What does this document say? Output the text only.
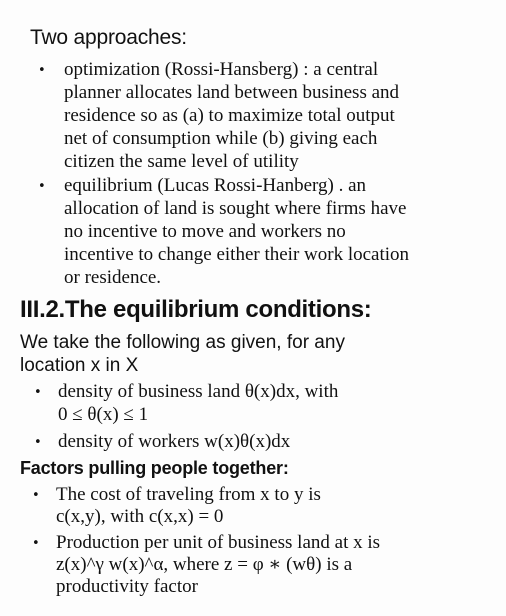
Two approaches:
• optimization (Rossi-Hansberg) : a central
planner allocates land between business and
residence so as (a) to maximize total output
net of consumption while (b) giving each
citizen the same level of utility
• equilibrium (Lucas Rossi-Hanberg) . an
allocation of land is sought where firms have
no incentive to move and workers no
incentive to change either their work location
or residence.
III.2.The equilibrium conditions:
We take the following as given, for any
location x in X
• density of business land θ(x)dx, with
0 ≤ θ(x) ≤ 1
• density of workers w(x)θ(x)dx
Factors pulling people together:
• The cost of traveling from x to y is
c(x,y), with c(x,x) = 0
• Production per unit of business land at x is
z(x)^γ w(x)^α, where z = φ ∗ (wθ) is a
productivity factor
